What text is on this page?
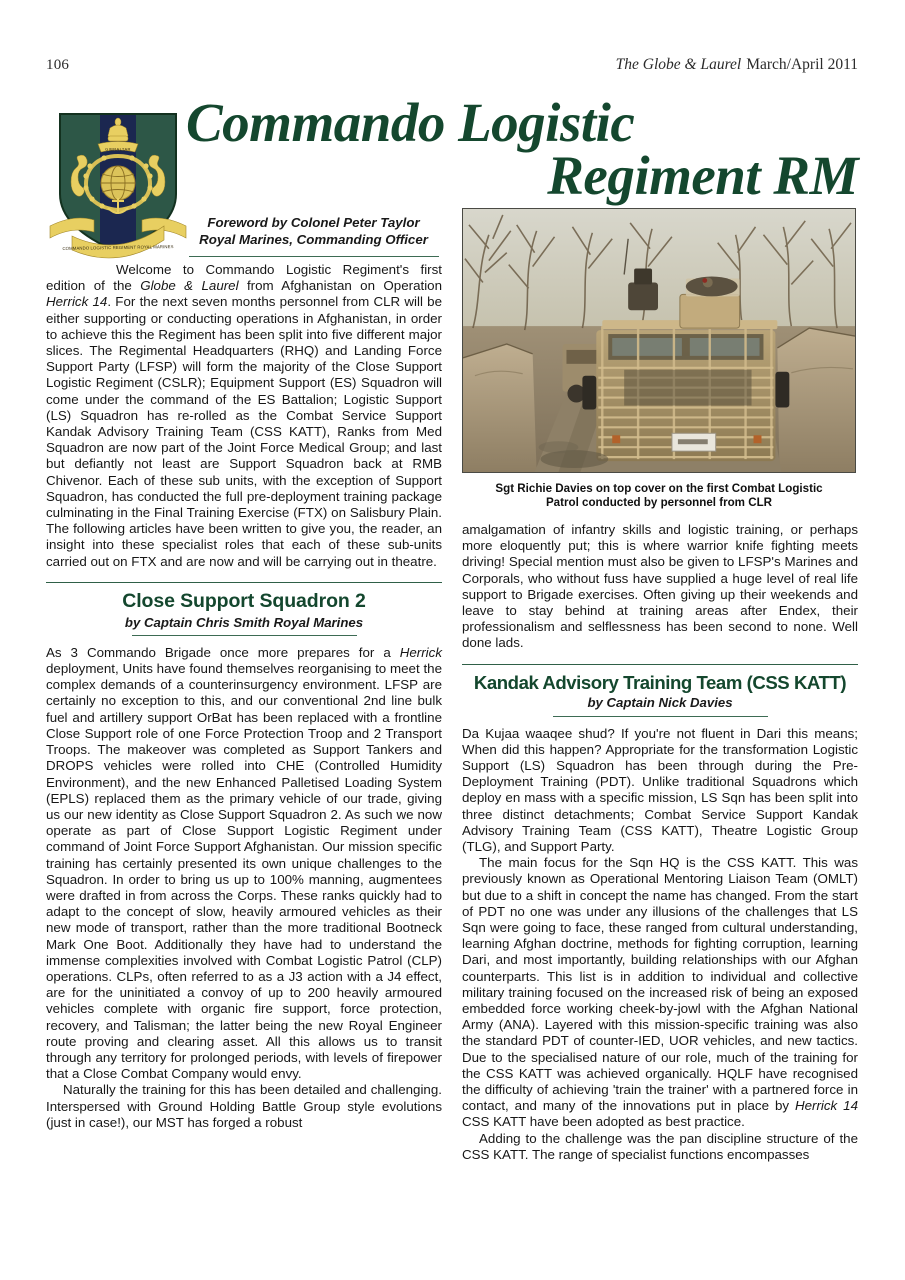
106	The Globe & Laurel March/April 2011
GIBRALTAR
COMMANDO LOGISTIC REGIMENT ROYAL MARINES
Commando Logistic
Regiment RM
Foreword by Colonel Peter Taylor
Royal Marines, Commanding Officer
Sgt Richie Davies on top cover on the first Combat Logistic
Patrol conducted by personnel from CLR

Welcome to Commando Logistic Regiment's first edition of the Globe & Laurel from Afghanistan on Operation Herrick 14. For the next seven months personnel from CLR will be either supporting or conducting operations in Afghanistan, in order to achieve this the Regiment has been split into five different major slices. The Regimental Headquarters (RHQ) and Landing Force Support Party (LFSP) will form the majority of the Close Support Logistic Regiment (CSLR); Equipment Support (ES) Squadron will come under the command of the ES Battalion; Logistic Support (LS) Squadron has re-rolled as the Combat Service Support Kandak Advisory Training Team (CSS KATT), Ranks from Med Squadron are now part of the Joint Force Medical Group; and last but defiantly not least are Support Squadron back at RMB Chivenor. Each of these sub units, with the exception of Support Squadron, has conducted the full pre-deployment training package culminating in the Final Training Exercise (FTX) on Salisbury Plain. The following articles have been written to give you, the reader, an insight into these specialist roles that each of these sub-units carried out on FTX and are now and will be carrying out in theatre.

Close Support Squadron 2
by Captain Chris Smith Royal Marines

As 3 Commando Brigade once more prepares for a Herrick deployment, Units have found themselves reorganising to meet the complex demands of a counterinsurgency environment. LFSP are certainly no exception to this, and our conventional 2nd line bulk fuel and artillery support OrBat has been replaced with a frontline Close Support role of one Force Protection Troop and 2 Transport Troops. The makeover was completed as Support Tankers and DROPS vehicles were rolled into CHE (Controlled Humidity Environment), and the new Enhanced Palletised Loading System (EPLS) replaced them as the primary vehicle of our trade, giving us our new identity as Close Support Squadron 2. As such we now operate as part of Close Support Logistic Regiment under command of Joint Force Support Afghanistan. Our mission specific training has certainly presented its own unique challenges to the Squadron. In order to bring us up to 100% manning, augmentees were drafted in from across the Corps. These ranks quickly had to adapt to the concept of slow, heavily armoured vehicles as their new mode of transport, rather than the more traditional Bootneck Mark One Boot. Additionally they have had to understand the immense complexities involved with Combat Logistic Patrol (CLP) operations. CLPs, often referred to as a J3 action with a J4 effect, are for the uninitiated a convoy of up to 200 heavily armoured vehicles complete with organic fire support, force protection, recovery, and Talisman; the latter being the new Royal Engineer route proving and clearing asset. All this allows us to transit through any territory for prolonged periods, with levels of firepower that a Close Combat Company would envy.

Naturally the training for this has been detailed and challenging. Interspersed with Ground Holding Battle Group style evolutions (just in case!), our MST has forged a robust

amalgamation of infantry skills and logistic training, or perhaps more eloquently put; this is where warrior knife fighting meets driving! Special mention must also be given to LFSP's Marines and Corporals, who without fuss have supplied a huge level of real life support to Brigade exercises. Often giving up their weekends and leave to stay behind at training areas after Endex, their professionalism and selflessness has been second to none. Well done lads.

Kandak Advisory Training Team (CSS KATT)
by Captain Nick Davies

Da Kujaa waaqee shud? If you're not fluent in Dari this means; When did this happen? Appropriate for the transformation Logistic Support (LS) Squadron has been through during the Pre-Deployment Training (PDT). Unlike traditional Squadrons which deploy en mass with a specific mission, LS Sqn has been split into three distinct detachments; Combat Service Support Kandak Advisory Training Team (CSS KATT), Theatre Logistic Group (TLG), and Support Party.

The main focus for the Sqn HQ is the CSS KATT. This was previously known as Operational Mentoring Liaison Team (OMLT) but due to a shift in concept the name has changed. From the start of PDT no one was under any illusions of the challenges that LS Sqn were going to face, these ranged from cultural understanding, learning Afghan doctrine, methods for fighting corruption, learning Dari, and most importantly, building relationships with our Afghan counterparts. This list is in addition to individual and collective military training focused on the increased risk of being an exposed embedded force working cheek-by-jowl with the Afghan National Army (ANA). Layered with this mission-specific training was also the standard PDT of counter-IED, UOR vehicles, and new tactics. Due to the specialised nature of our role, much of the training for the CSS KATT was achieved organically. HQLF have recognised the difficulty of achieving 'train the trainer' with a partnered force in contact, and many of the innovations put in place by Herrick 14 CSS KATT have been adopted as best practice.

Adding to the challenge was the pan discipline structure of the CSS KATT. The range of specialist functions encompasses
